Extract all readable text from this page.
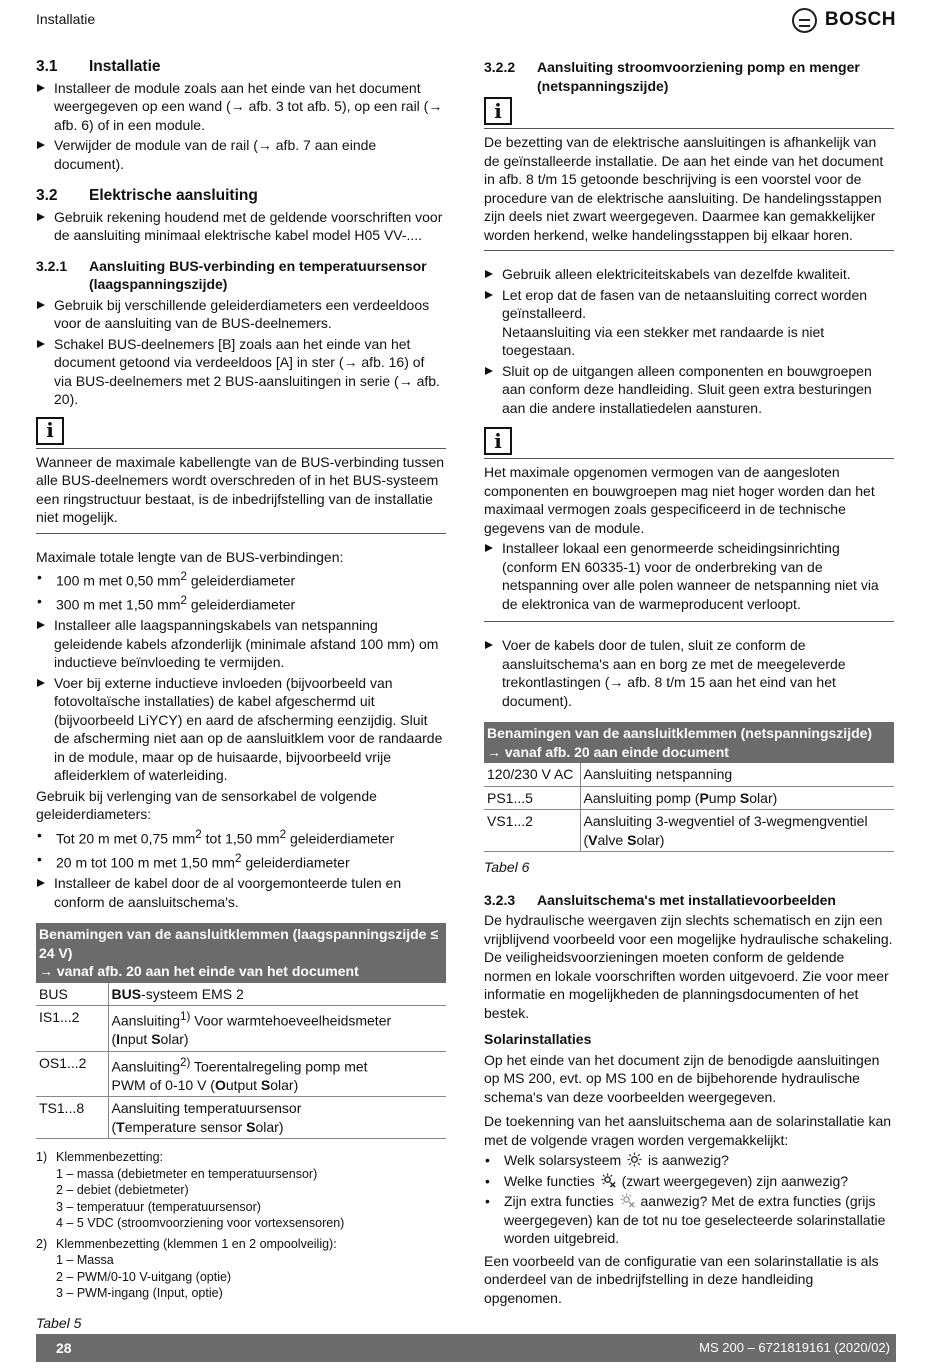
Installatie	BOSCH
3.1	Installatie
Installeer de module zoals aan het einde van het document weergegeven op een wand (→ afb. 3 tot afb. 5), op een rail (→ afb. 6) of in een module.
Verwijder de module van de rail (→ afb. 7 aan einde document).
3.2	Elektrische aansluiting
Gebruik rekening houdend met de geldende voorschriften voor de aansluiting minimaal elektrische kabel model H05 VV-....
3.2.1	Aansluiting BUS-verbinding en temperatuursensor (laagspanningszijde)
Gebruik bij verschillende geleiderdiameters een verdeeldoos voor de aansluiting van de BUS-deelnemers.
Schakel BUS-deelnemers [B] zoals aan het einde van het document getoond via verdeeldoos [A] in ster (→ afb. 16) of via BUS-deelnemers met 2 BUS-aansluitingen in serie (→ afb. 20).
i
Wanneer de maximale kabellengte van de BUS-verbinding tussen alle BUS-deelnemers wordt overschreden of in het BUS-systeem een ringstructuur bestaat, is de inbedrijfstelling van de installatie niet mogelijk.

Maximale totale lengte van de BUS-verbindingen:

• 100 m met 0,50 $mm^2$ geleiderdiameter
• 300 m met 1,50 $mm^2$ geleiderdiameter
Installeer alle laagspanningskabels van netspanning geleidende kabels afzonderlijk (minimale afstand 100 mm) om inductieve beïnvloeding te vermijden.
Voer bij externe inductieve invloeden (bijvoorbeeld van fotovoltaïsche installaties) de kabel afgeschermd uit (bijvoorbeeld LiYCY) en aard de afscherming eenzijdig. Sluit de afscherming niet aan op de aansluitklem voor de randaarde in de module, maar op de huisaarde, bijvoorbeeld vrije afleiderklem of waterleiding.

Gebruik bij verlenging van de sensorkabel de volgende geleiderdiameters:

• Tot 20 m met 0,75 $mm^2$ tot 1,50 $mm^2$ geleiderdiameter
• 20 m tot 100 m met 1,50 $mm^2$ geleiderdiameter
Installeer de kabel door de al voorgemonteerde tulen en conform de aansluitschema's.
Benamingen van de aansluitklemmen (laagspanningszijde ≤ 24 V)
→ vanaf afb. 20 aan het einde van het document	

BUS	BUS-systeem EMS 2
IS1...2	Aansluiting$^{1)}$ Voor warmtehoeveelheidsmeter
(Input Solar)
OS1...2	Aansluiting$^{2)}$ Toerentalregeling pomp met
PWM of 0-10 V (Output Solar)
TS1...8	Aansluiting temperatuursensor
(Temperature sensor Solar)
1) Klemmenbezetting:
1 – massa (debietmeter en temperatuursensor)
2 – debiet (debietmeter)
3 – temperatuur (temperatuursensor)
4 – 5 VDC (stroomvoorziening voor vortexsensoren)
2) Klemmenbezetting (klemmen 1 en 2 ompoolveilig):
1 – Massa
2 – PWM/0-10 V-uitgang (optie)
3 – PWM-ingang (Input, optie)
Tabel 5
3.2.2	Aansluiting stroomvoorziening pomp en menger (netspanningszijde)
i
De bezetting van de elektrische aansluitingen is afhankelijk van de geïnstalleerde installatie. De aan het einde van het document in afb. 8 t/m 15 getoonde beschrijving is een voorstel voor de procedure van de elektrische aansluiting. De handelingsstappen zijn deels niet zwart weergegeven. Daarmee kan gemakkelijker worden herkend, welke handelingsstappen bij elkaar horen.
Gebruik alleen elektriciteitskabels van dezelfde kwaliteit.
Let erop dat de fasen van de netaansluiting correct worden geïnstalleerd.
Netaansluiting via een stekker met randaarde is niet toegestaan.
Sluit op de uitgangen alleen componenten en bouwgroepen aan conform deze handleiding. Sluit geen extra besturingen aan die andere installatiedelen aansturen.
i

Het maximale opgenomen vermogen van de aangesloten componenten en bouwgroepen mag niet hoger worden dan het maximaal vermogen zoals gespecificeerd in de technische gegevens van de module.

Installeer lokaal een genormeerde scheidingsinrichting (conform EN 60335-1) voor de onderbreking van de netspanning over alle polen wanneer de netspanning niet via de elektronica van de warmeproducent verloopt.
Voer de kabels door de tulen, sluit ze conform de aansluitschema's aan en borg ze met de meegeleverde trekontlastingen (→ afb. 8 t/m 15 aan het eind van het document).
Benamingen van de aansluitklemmen (netspanningszijde)
→ vanaf afb. 20 aan einde document	

120/230 V AC	Aansluiting netspanning
PS1...5	Aansluiting pomp (Pump Solar)
VS1...2	Aansluiting 3-wegventiel of 3-wegmengventiel
(Valve Solar)
Tabel 6
3.2.3	Aansluitschema's met installatievoorbeelden

De hydraulische weergaven zijn slechts schematisch en zijn een vrijblijvend voorbeeld voor een mogelijke hydraulische schakeling. De veiligheidsvoorzieningen moeten conform de geldende normen en lokale voorschriften worden uitgevoerd. Zie voor meer informatie en mogelijkheden de planningsdocumenten of het bestek.

Solarinstallaties

Op het einde van het document zijn de benodigde aansluitingen op MS 200, evt. op MS 100 en de bijbehorende hydraulische schema's van deze voorbeelden weergegeven.

De toekenning van het aansluitschema aan de solarinstallatie kan met de volgende vragen worden vergemakkelijkt:

• Welk solarsysteem is aanwezig?
• Welke functies (zwart weergegeven) zijn aanwezig?
• Zijn extra functies aanwezig? Met de extra functies (grijs weergegeven) kan de tot nu toe geselecteerde solarinstallatie worden uitgebreid.

Een voorbeeld van de configuratie van een solarinstallatie is als onderdeel van de inbedrijfstelling in deze handleiding opgenomen.

28	MS 200 – 6721819161 (2020/02)
